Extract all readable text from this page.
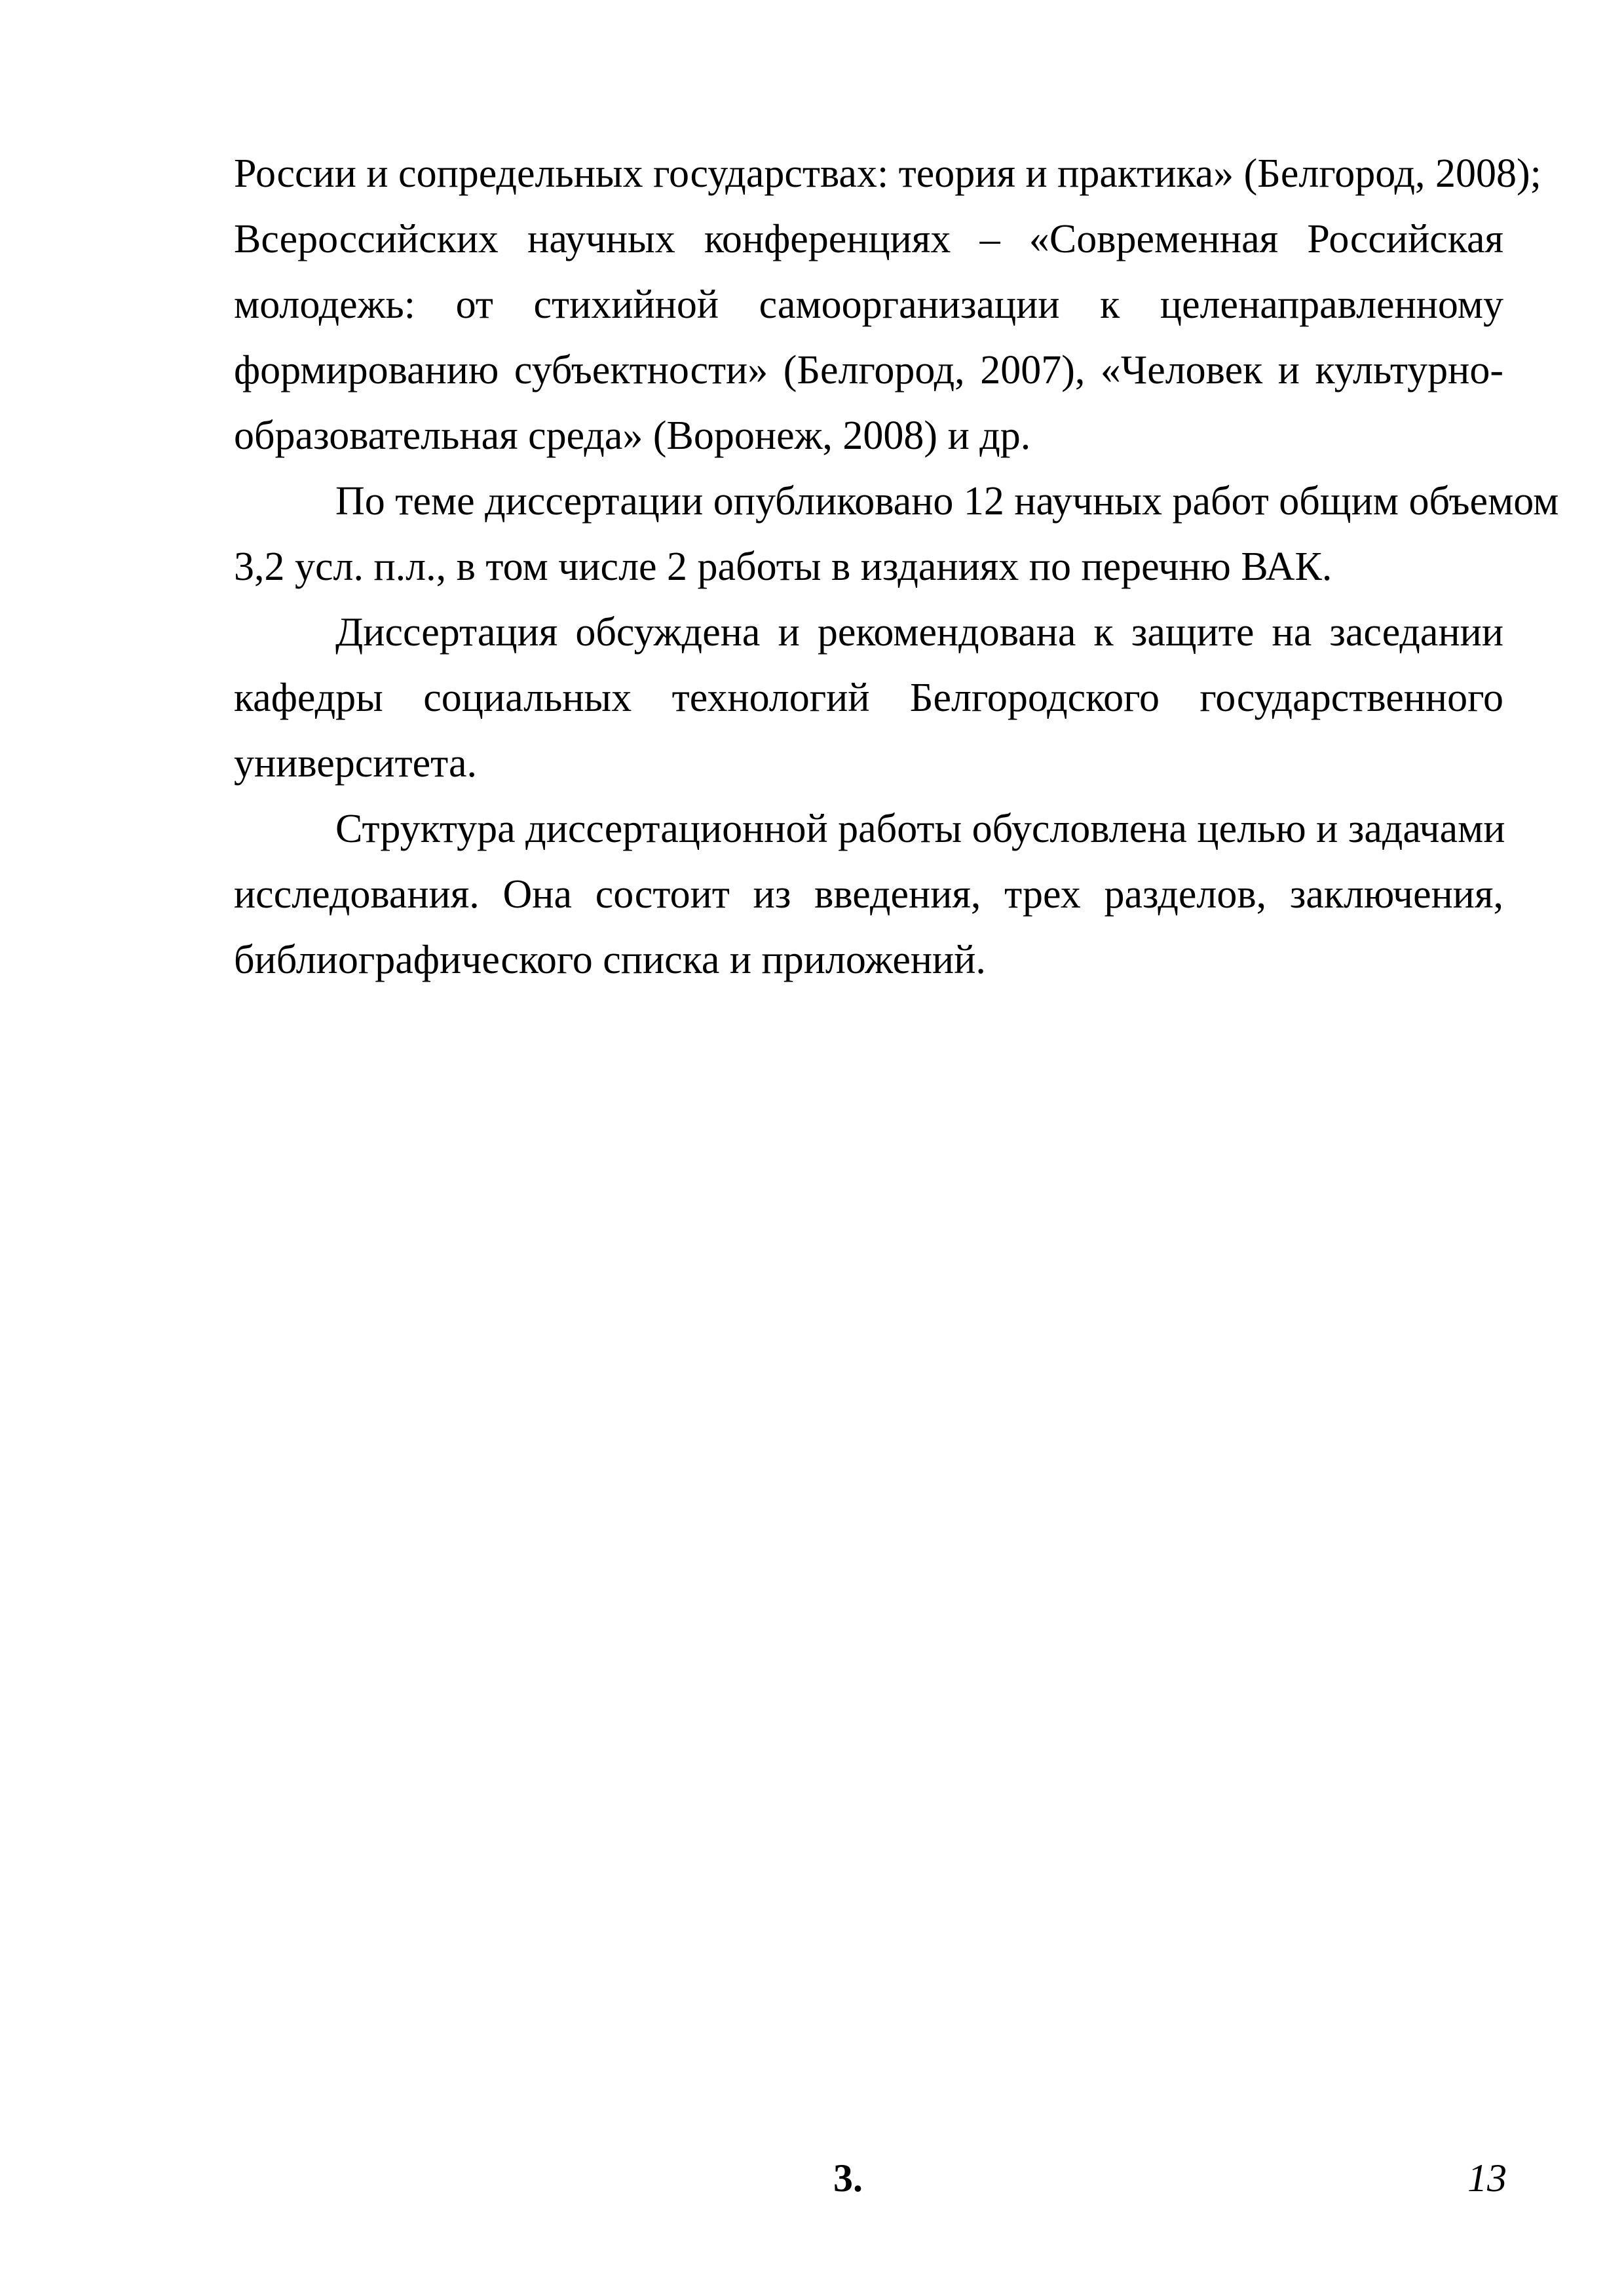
России и сопредельных государствах: теория и практика» (Белгород, 2008);
Всероссийских научных конференциях – «Современная Российская
молодежь: от стихийной самоорганизации к целенаправленному
формированию субъектности» (Белгород, 2007), «Человек и культурно-
образовательная среда» (Воронеж, 2008) и др.
По теме диссертации опубликовано 12 научных работ общим объемом
3,2 усл. п.л., в том числе 2 работы в изданиях по перечню ВАК.
Диссертация обсуждена и рекомендована к защите на заседании
кафедры социальных технологий Белгородского государственного
университета.
Структура диссертационной работы обусловлена целью и задачами
исследования. Она состоит из введения, трех разделов, заключения,
библиографического списка и приложений.
3.	13
